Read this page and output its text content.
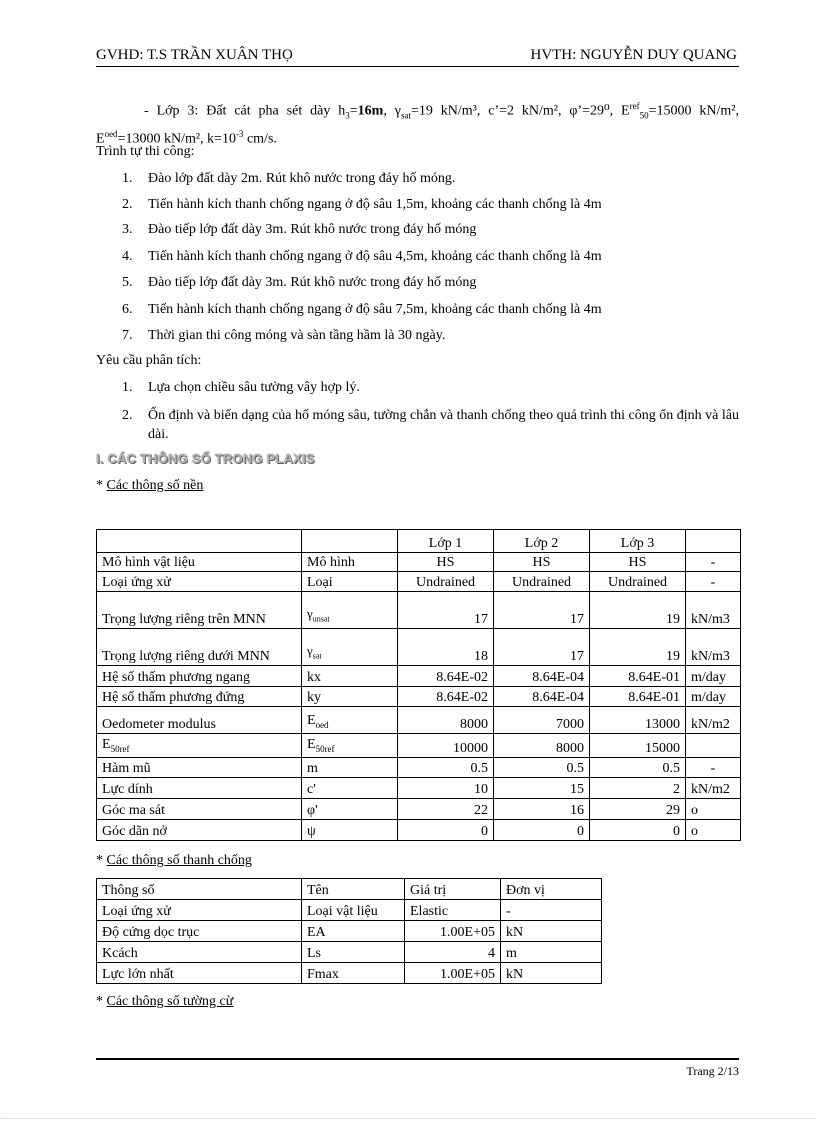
GVHD: T.S TRẦN XUÂN THỌ	HVTH: NGUYỄN DUY QUANG
- Lớp 3: Đất cát pha sét dày $h_3=16m$, $\gamma_{sat}=19$ kN/m³, c’=2 kN/m², φ’=29⁰, $E^{ref}_{50}=15000$ kN/m², $E^{oed}=13000$ kN/m², $k=10^{-3}$ cm/s.
Trình tự thi công:
1. Đào lớp đất dày 2m. Rút khô nước trong đáy hố móng.
2. Tiến hành kích thanh chống ngang ở độ sâu 1,5m, khoảng các thanh chống là 4m
3. Đào tiếp lớp đất dày 3m. Rút khô nước trong đáy hố móng
4. Tiến hành kích thanh chống ngang ở độ sâu 4,5m, khoảng các thanh chống là 4m
5. Đào tiếp lớp đất dày 3m. Rút khô nước trong đáy hố móng
6. Tiến hành kích thanh chống ngang ở độ sâu 7,5m, khoảng các thanh chống là 4m
7. Thời gian thi công móng và sàn tầng hầm là 30 ngày.
Yêu cầu phân tích:
1. Lựa chọn chiều sâu tường vây hợp lý.
2. Ổn định và biến dạng của hố móng sâu, tường chắn và thanh chống theo quá trình thi công ổn định và lâu dài.
I. CÁC THÔNG SỐ TRONG PLAXIS
* Các thông số nền
		Lớp 1	Lớp 2	Lớp 3	
Mô hình vật liệu	Mô hình	HS	HS	HS	-
Loại ứng xử	Loại	Undrained	Undrained	Undrained	-
Trọng lượng riêng trên MNN	$\gamma_{unsat}$	17	17	19	kN/m3
Trọng lượng riêng dưới MNN	$\gamma_{sat}$	18	17	19	kN/m3
Hệ số thấm phương ngang	kx	8.64E-02	8.64E-04	8.64E-01	m/day
Hệ số thấm phương đứng	ky	8.64E-02	8.64E-04	8.64E-01	m/day
Oedometer modulus	$E_{oed}$	8000	7000	13000	kN/m2
$E_{50ref}$	$E_{50ref}$	10000	8000	15000	
Hàm mũ	m	0.5	0.5	0.5	-
Lực dính	c'	10	15	2	kN/m2
Góc ma sát	φ'	22	16	29	o
Góc dãn nở	ψ	0	0	0	o
* Các thông số thanh chống
Thông số	Tên	Giá trị	Đơn vị
Loại ứng xử	Loại vật liệu	Elastic	-
Độ cứng dọc trục	EA	1.00E+05	kN
Kcách	Ls	4	m
Lực lớn nhất	Fmax	1.00E+05	kN
* Các thông số tường cừ
Trang 2/13
